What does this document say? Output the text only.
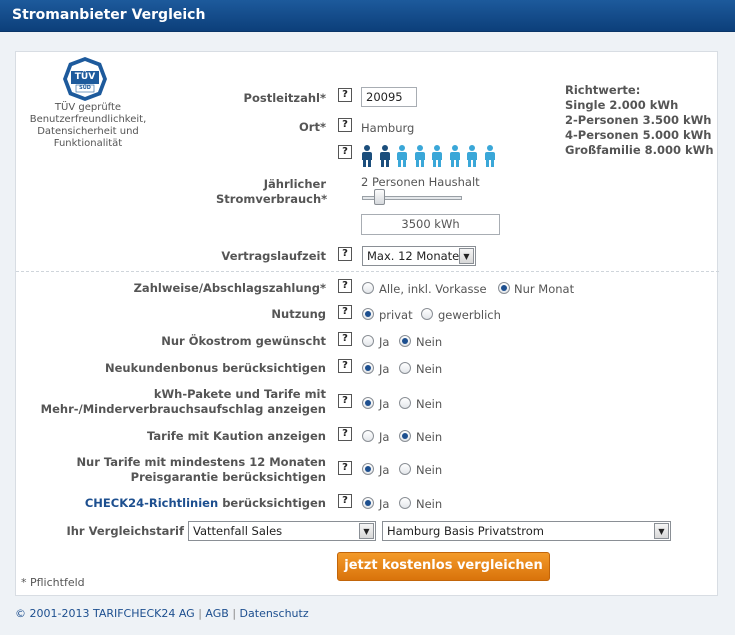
Stromanbieter Vergleich
TÜV
SÜD
TÜV geprüfte Benutzerfreundlichkeit, Datensicherheit und Funktionalität
Richtwerte:
Single 2.000 kWh
2-Personen 3.500 kWh
4-Personen 5.000 kWh
Großfamilie 8.000 kWh
Postleitzahl*	?	20095
Ort*	?	Hamburg
?
Jährlicher Stromverbrauch*
2 Personen Haushalt
3500 kWh
Vertragslaufzeit	?	Max. 12 Monate ▼
Zahlweise/Abschlagszahlung*	?	Alle, inkl. Vorkasse Nur Monat
Nutzung	?	privat gewerblich
Nur Ökostrom gewünscht	?	Ja Nein
Neukundenbonus berücksichtigen	?	Ja Nein
kWh-Pakete und Tarife mit
Mehr-/Minderverbrauchsaufschlag anzeigen
?	Ja Nein
Tarife mit Kaution anzeigen	?	Ja Nein
Nur Tarife mit mindestens 12 Monaten
Preisgarantie berücksichtigen
?	Ja Nein
CHECK24-Richtlinien berücksichtigen	?	Ja Nein
Ihr Vergleichstarif Vattenfall Sales	▼	Hamburg Basis Privatstrom	▼
jetzt kostenlos vergleichen
* Pflichtfeld
© 2001-2013 TARIFCHECK24 AG | AGB | Datenschutz
